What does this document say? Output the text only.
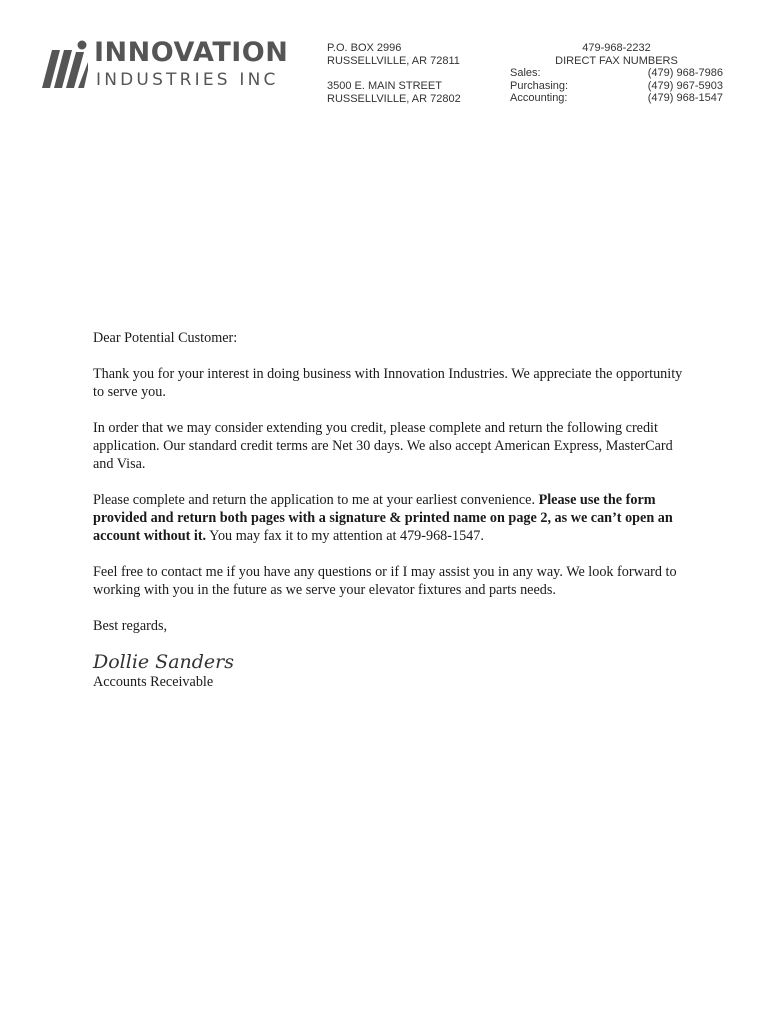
INNOVATION
INDUSTRIES INC
P.O. BOX 2996
RUSSELLVILLE, AR 72811
3500 E. MAIN STREET
RUSSELLVILLE, AR 72802
479-968-2232
DIRECT FAX NUMBERS
Sales:	(479) 968-7986
Purchasing:	(479) 967-5903
Accounting:	(479) 968-1547

Dear Potential Customer:

Thank you for your interest in doing business with Innovation Industries. We appreciate the opportunity to serve you.

In order that we may consider extending you credit, please complete and return the following credit application. Our standard credit terms are Net 30 days. We also accept American Express, MasterCard and Visa.

Please complete and return the application to me at your earliest convenience. Please use the form provided and return both pages with a signature & printed name on page 2, as we can’t open an account without it. You may fax it to my attention at 479-968-1547.

Feel free to contact me if you have any questions or if I may assist you in any way. We look forward to working with you in the future as we serve your elevator fixtures and parts needs.

Best regards,

Dollie Sanders

Accounts Receivable
